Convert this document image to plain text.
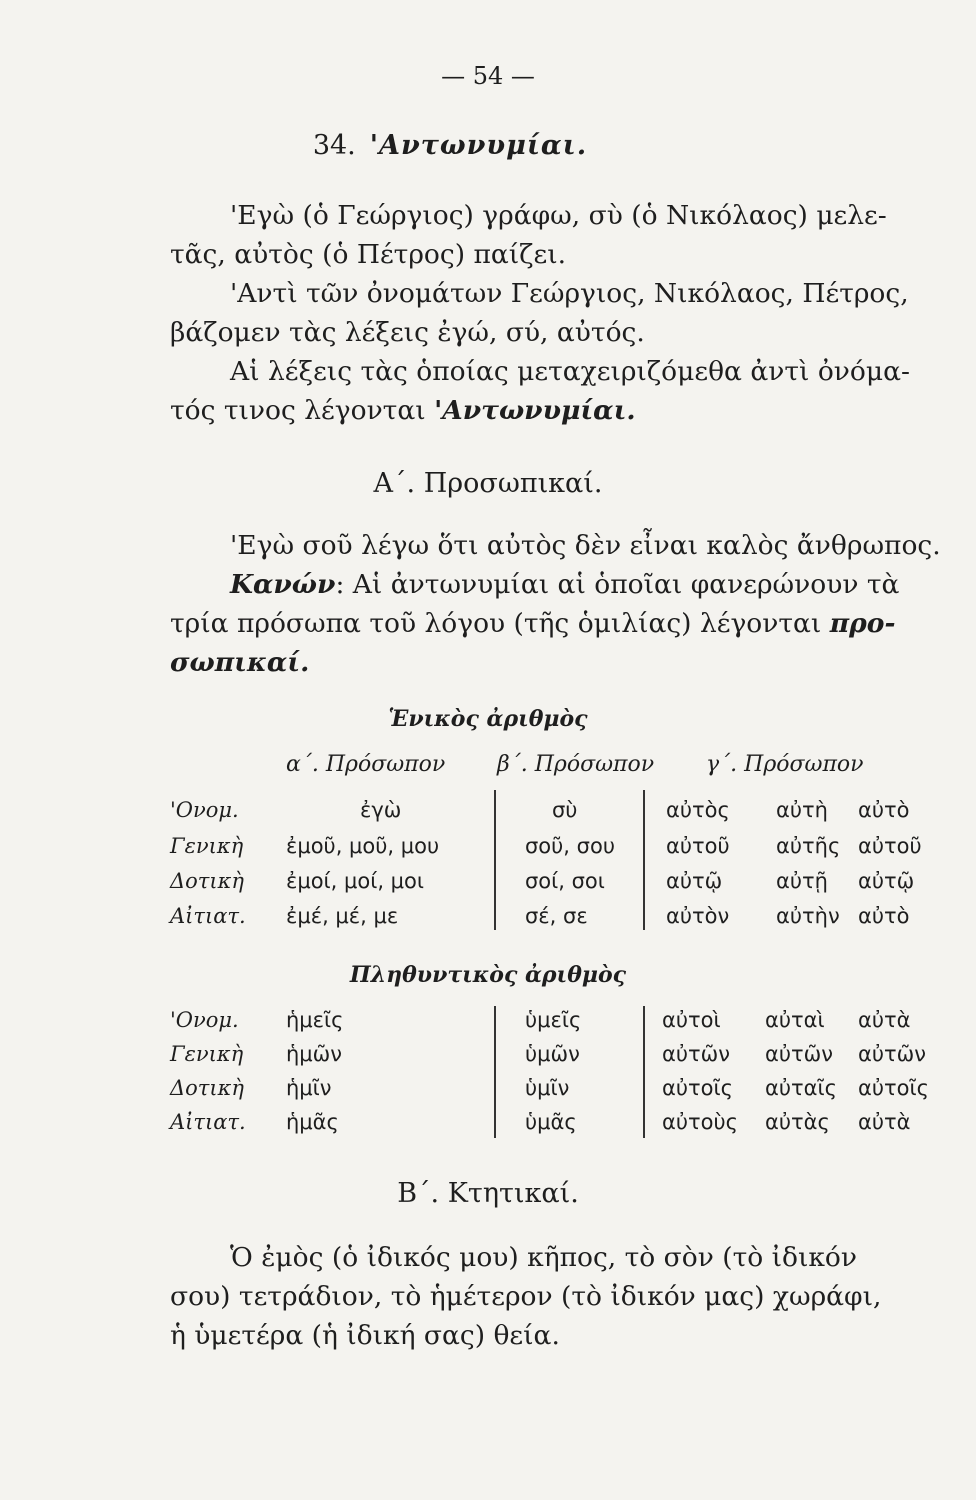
— 54 —
34. 'Αντωνυμίαι.
'Εγὼ (ὁ Γεώργιος) γράφω, σὺ (ὁ Νικόλαος) μελε-
τᾶς, αὐτὸς (ὁ Πέτρος) παίζει.
'Αντὶ τῶν ὀνομάτων Γεώργιος, Νικόλαος, Πέτρος,
βάζομεν τὰς λέξεις ἐγώ, σύ, αὐτός.
Αἱ λέξεις τὰς ὁποίας μεταχειριζόμεθα ἀντὶ ὀνόμα-
τός τινος λέγονται 'Αντωνυμίαι.
Α΄. Προσωπικαί.
'Εγὼ σοῦ λέγω ὅτι αὐτὸς δὲν εἶναι καλὸς ἄνθρωπος.
Κανών: Αἱ ἀντωνυμίαι αἱ ὁποῖαι φανερώνουν τὰ
τρία πρόσωπα τοῦ λόγου (τῆς ὁμιλίας) λέγονται προ-
σωπικαί.
Ἑνικὸς ἀριθμὸς
α΄. Πρόσωπον β΄. Πρόσωπον γ΄. Πρόσωπον
'Ονομ.	ἐγὼ	σὺ	αὐτὸς αὐτὴ αὐτὸ
Γενικὴ ἐμοῦ, μοῦ, μου	σοῦ, σου αὐτοῦ αὐτῆς αὐτοῦ
Δοτικὴ ἐμοί, μοί, μοι	σοί, σοι	αὐτῷ	αὐτῇ αὐτῷ
Αἰτιατ. ἐμέ, μέ, με	σέ, σε	αὐτὸν αὐτὴν αὐτὸ
Πληθυντικὸς ἀριθμὸς
'Ονομ. ἡμεῖς	ὑμεῖς	αὐτοὶ αὐταὶ αὐτὰ
Γενικὴ ἡμῶν	ὑμῶν	αὐτῶν αὐτῶν αὐτῶν
Δοτικὴ ἡμῖν	ὑμῖν	αὐτοῖς αὐταῖς αὐτοῖς
Αἰτιατ. ἡμᾶς	ὑμᾶς	αὐτοὺς αὐτὰς αὐτὰ
Β΄. Κτητικαί.
Ὁ ἐμὸς (ὁ ἰδικός μου) κῆπος, τὸ σὸν (τὸ ἰδικόν
σου) τετράδιον, τὸ ἡμέτερον (τὸ ἰδικόν μας) χωράφι,
ἡ ὑμετέρα (ἡ ἰδική σας) θεία.
